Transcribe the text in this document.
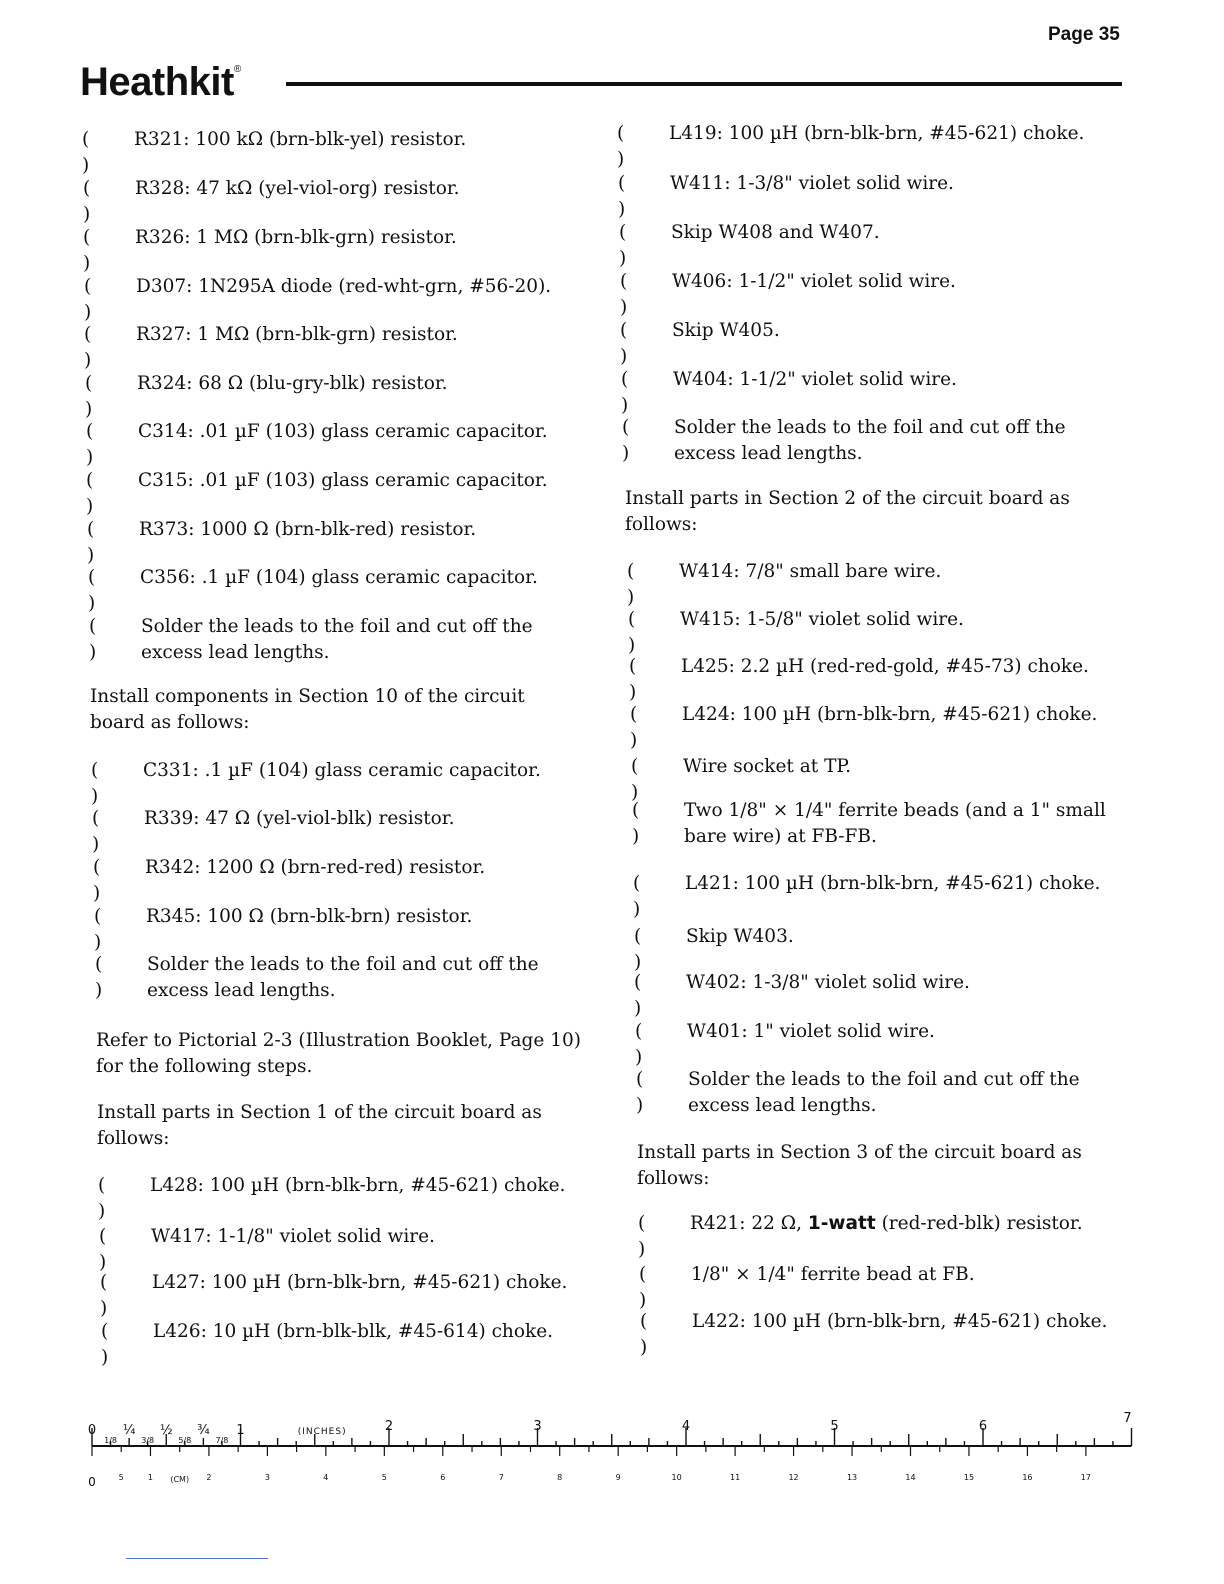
Page 35
Heathkit®
( )
R321: 100 kΩ (brn-blk-yel) resistor.
( )
R328: 47 kΩ (yel-viol-org) resistor.
( )
R326: 1 MΩ (brn-blk-grn) resistor.
( )
D307: 1N295A diode (red-wht-grn, #56-20).
( )
R327: 1 MΩ (brn-blk-grn) resistor.
( )
R324: 68 Ω (blu-gry-blk) resistor.
( )
C314: .01 µF (103) glass ceramic capacitor.
( )
C315: .01 µF (103) glass ceramic capacitor.
( )
R373: 1000 Ω (brn-blk-red) resistor.
( )
C356: .1 µF (104) glass ceramic capacitor.
( )
Solder the leads to the foil and cut off the excess lead lengths.
Install components in Section 10 of the circuit board as follows:
( )
C331: .1 µF (104) glass ceramic capacitor.
( )
R339: 47 Ω (yel-viol-blk) resistor.
( )
R342: 1200 Ω (brn-red-red) resistor.
( )
R345: 100 Ω (brn-blk-brn) resistor.
( )
Solder the leads to the foil and cut off the excess lead lengths.
Refer to Pictorial 2-3 (Illustration Booklet, Page 10) for the following steps.
Install parts in Section 1 of the circuit board as follows:
( )
L428: 100 µH (brn-blk-brn, #45-621) choke.
( )
W417: 1-1/8" violet solid wire.
( )
L427: 100 µH (brn-blk-brn, #45-621) choke.
( )
L426: 10 µH (brn-blk-blk, #45-614) choke.
( )
L419: 100 µH (brn-blk-brn, #45-621) choke.
( )
W411: 1-3/8" violet solid wire.
( )
Skip W408 and W407.
( )
W406: 1-1/2" violet solid wire.
( )
Skip W405.
( )
W404: 1-1/2" violet solid wire.
( )
Solder the leads to the foil and cut off the excess lead lengths.
Install parts in Section 2 of the circuit board as follows:
( )
W414: 7/8" small bare wire.
( )
W415: 1-5/8" violet solid wire.
( )
L425: 2.2 µH (red-red-gold, #45-73) choke.
( )
L424: 100 µH (brn-blk-brn, #45-621) choke.
( )
Wire socket at TP.
( )
Two 1/8" × 1/4" ferrite beads (and a 1" small bare wire) at FB-FB.
( )
L421: 100 µH (brn-blk-brn, #45-621) choke.
( )
Skip W403.
( )
W402: 1-3/8" violet solid wire.
( )
W401: 1" violet solid wire.
( )
Solder the leads to the foil and cut off the excess lead lengths.
Install parts in Section 3 of the circuit board as follows:
( )
R421: 22 Ω, 1-watt (red-red-blk) resistor.
( )
1/8" × 1/4" ferrite bead at FB.
( )
L422: 100 µH (brn-blk-brn, #45-621) choke.
0 ¼ ½ ¾ 1	2	3	4	5	6
7
(INCHES)
1/8	3/8	5/8	7/8
0	5	1	2	3	4	5	6	7	8	9	10	11	12	13	14	15	16	17
(CM)
